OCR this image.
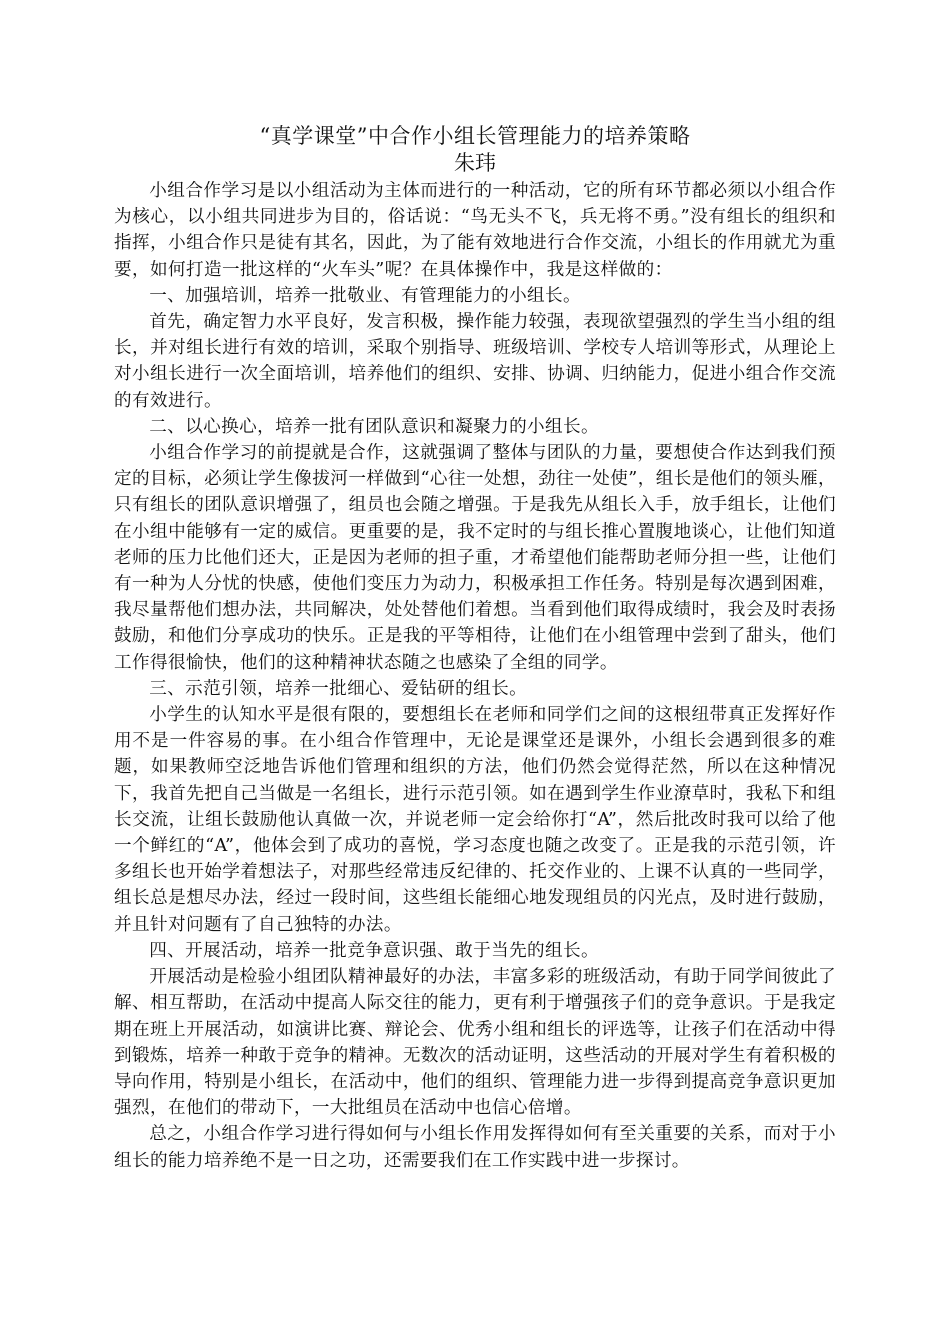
“真学课堂”中合作小组长管理能力的培养策略
朱玮

小组合作学习是以小组活动为主体而进行的一种活动，它的所有环节都必须以小组合作为核心，以小组共同进步为目的，俗话说：“鸟无头不飞，兵无将不勇。”没有组长的组织和指挥，小组合作只是徒有其名，因此，为了能有效地进行合作交流，小组长的作用就尤为重要，如何打造一批这样的“火车头”呢？在具体操作中，我是这样做的：

一、加强培训，培养一批敬业、有管理能力的小组长。

首先，确定智力水平良好，发言积极，操作能力较强，表现欲望强烈的学生当小组的组长，并对组长进行有效的培训，采取个别指导、班级培训、学校专人培训等形式，从理论上对小组长进行一次全面培训，培养他们的组织、安排、协调、归纳能力，促进小组合作交流的有效进行。

二、以心换心，培养一批有团队意识和凝聚力的小组长。

小组合作学习的前提就是合作，这就强调了整体与团队的力量，要想使合作达到我们预定的目标，必须让学生像拔河一样做到“心往一处想，劲往一处使”，组长是他们的领头雁，只有组长的团队意识增强了，组员也会随之增强。于是我先从组长入手，放手组长，让他们在小组中能够有一定的威信。更重要的是，我不定时的与组长推心置腹地谈心，让他们知道老师的压力比他们还大，正是因为老师的担子重，才希望他们能帮助老师分担一些，让他们有一种为人分忧的快感，使他们变压力为动力，积极承担工作任务。特别是每次遇到困难，我尽量帮他们想办法，共同解决，处处替他们着想。当看到他们取得成绩时，我会及时表扬鼓励，和他们分享成功的快乐。正是我的平等相待，让他们在小组管理中尝到了甜头，他们工作得很愉快，他们的这种精神状态随之也感染了全组的同学。

三、示范引领，培养一批细心、爱钻研的组长。

小学生的认知水平是很有限的，要想组长在老师和同学们之间的这根纽带真正发挥好作用不是一件容易的事。在小组合作管理中，无论是课堂还是课外，小组长会遇到很多的难题，如果教师空泛地告诉他们管理和组织的方法，他们仍然会觉得茫然，所以在这种情况下，我首先把自己当做是一名组长，进行示范引领。如在遇到学生作业潦草时，我私下和组长交流，让组长鼓励他认真做一次，并说老师一定会给你打“A”，然后批改时我可以给了他一个鲜红的“A”，他体会到了成功的喜悦，学习态度也随之改变了。正是我的示范引领，许多组长也开始学着想法子，对那些经常违反纪律的、托交作业的、上课不认真的一些同学，组长总是想尽办法，经过一段时间，这些组长能细心地发现组员的闪光点，及时进行鼓励，并且针对问题有了自己独特的办法。

四、开展活动，培养一批竞争意识强、敢于当先的组长。

开展活动是检验小组团队精神最好的办法，丰富多彩的班级活动，有助于同学间彼此了解、相互帮助，在活动中提高人际交往的能力，更有利于增强孩子们的竞争意识。于是我定期在班上开展活动，如演讲比赛、辩论会、优秀小组和组长的评选等，让孩子们在活动中得到锻炼，培养一种敢于竞争的精神。无数次的活动证明，这些活动的开展对学生有着积极的导向作用，特别是小组长，在活动中，他们的组织、管理能力进一步得到提高竞争意识更加强烈，在他们的带动下，一大批组员在活动中也信心倍增。

总之，小组合作学习进行得如何与小组长作用发挥得如何有至关重要的关系，而对于小组长的能力培养绝不是一日之功，还需要我们在工作实践中进一步探讨。
